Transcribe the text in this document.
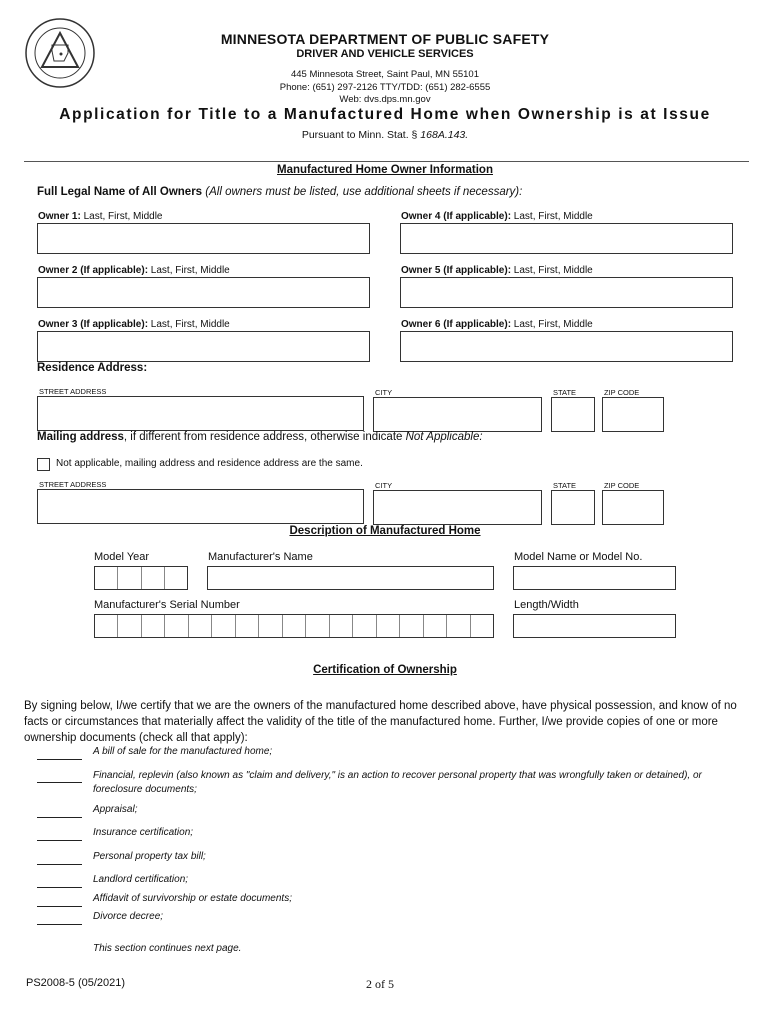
MINNESOTA DEPARTMENT OF PUBLIC SAFETY
DRIVER AND VEHICLE SERVICES
445 Minnesota Street, Saint Paul, MN 55101
Phone: (651) 297-2126 TTY/TDD: (651) 282-6555
Web: dvs.dps.mn.gov
Application for Title to a Manufactured Home when Ownership is at Issue
Pursuant to Minn. Stat. § 168A.143.
Manufactured Home Owner Information
Full Legal Name of All Owners (All owners must be listed, use additional sheets if necessary):
Owner 1: Last, First, Middle	Owner 4 (If applicable): Last, First, Middle
Owner 2 (If applicable): Last, First, Middle	Owner 5 (If applicable): Last, First, Middle
Owner 3 (If applicable): Last, First, Middle	Owner 6 (If applicable): Last, First, Middle
Residence Address:
STREET ADDRESS	CITY	STATE	ZIP CODE
Mailing address, if different from residence address, otherwise indicate Not Applicable:
Not applicable, mailing address and residence address are the same.
STREET ADDRESS	CITY	STATE	ZIP CODE
Description of Manufactured Home
Model Year	Manufacturer's Name	Model Name or Model No.
Manufacturer's Serial Number	Length/Width
Certification of Ownership
By signing below, I/we certify that we are the owners of the manufactured home described above, have physical possession, and know of no facts or circumstances that materially affect the validity of the title of the manufactured home. Further, I/we provide copies of one or more ownership documents (check all that apply):
A bill of sale for the manufactured home;
Financial, replevin (also known as "claim and delivery," is an action to recover personal property that was wrongfully taken or detained), or foreclosure documents;
Appraisal;
Insurance certification;
Personal property tax bill;
Landlord certification;
Affidavit of survivorship or estate documents;
Divorce decree;
This section continues next page.
PS2008-5 (05/2021)	2 of 5
